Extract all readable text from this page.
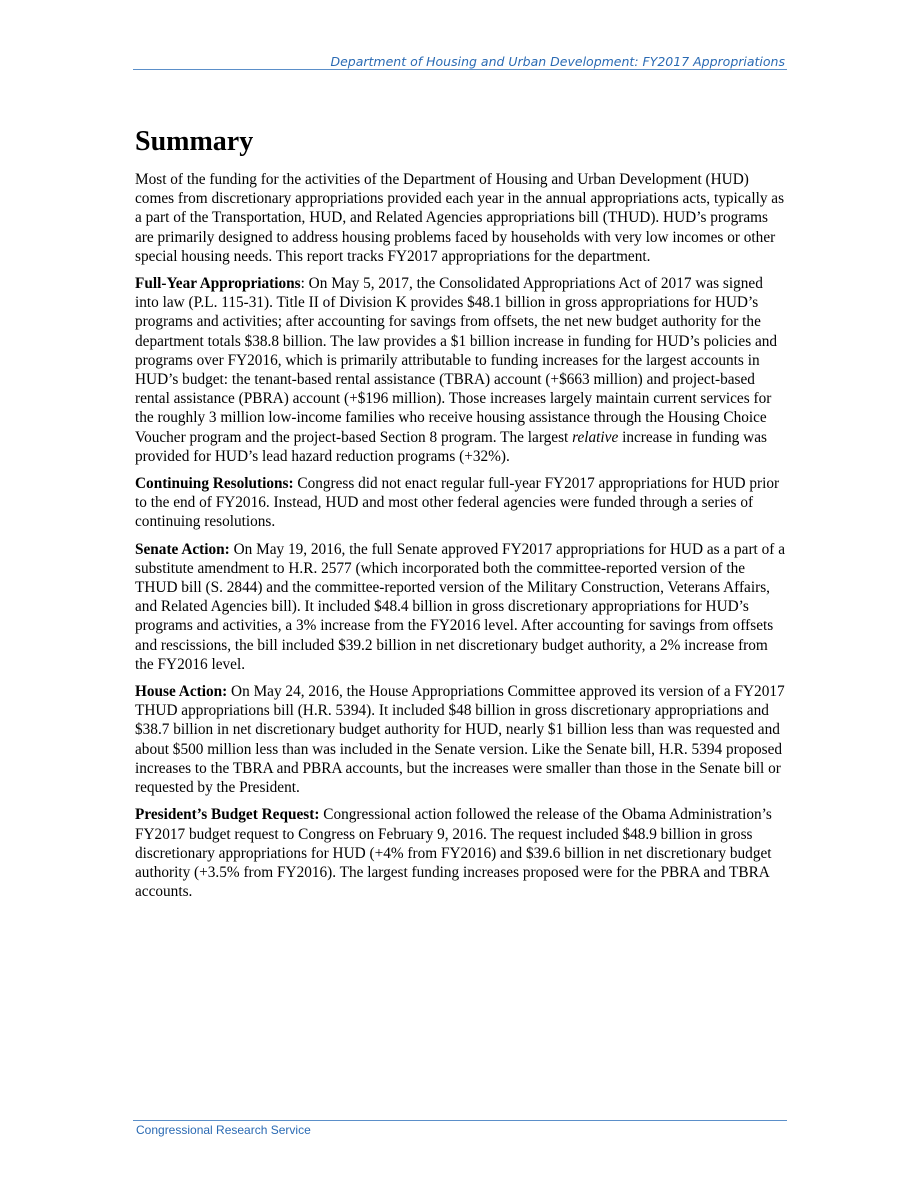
Department of Housing and Urban Development: FY2017 Appropriations
Summary

Most of the funding for the activities of the Department of Housing and Urban Development (HUD) comes from discretionary appropriations provided each year in the annual appropriations acts, typically as a part of the Transportation, HUD, and Related Agencies appropriations bill (THUD). HUD’s programs are primarily designed to address housing problems faced by households with very low incomes or other special housing needs. This report tracks FY2017 appropriations for the department.

Full-Year Appropriations: On May 5, 2017, the Consolidated Appropriations Act of 2017 was signed into law (P.L. 115-31). Title II of Division K provides $48.1 billion in gross appropriations for HUD’s programs and activities; after accounting for savings from offsets, the net new budget authority for the department totals $38.8 billion. The law provides a $1 billion increase in funding for HUD’s policies and programs over FY2016, which is primarily attributable to funding increases for the largest accounts in HUD’s budget: the tenant-based rental assistance (TBRA) account (+$663 million) and project-based rental assistance (PBRA) account (+$196 million). Those increases largely maintain current services for the roughly 3 million low-income families who receive housing assistance through the Housing Choice Voucher program and the project-based Section 8 program. The largest relative increase in funding was provided for HUD’s lead hazard reduction programs (+32%).

Continuing Resolutions: Congress did not enact regular full-year FY2017 appropriations for HUD prior to the end of FY2016. Instead, HUD and most other federal agencies were funded through a series of continuing resolutions.

Senate Action: On May 19, 2016, the full Senate approved FY2017 appropriations for HUD as a part of a substitute amendment to H.R. 2577 (which incorporated both the committee-reported version of the THUD bill (S. 2844) and the committee-reported version of the Military Construction, Veterans Affairs, and Related Agencies bill). It included $48.4 billion in gross discretionary appropriations for HUD’s programs and activities, a 3% increase from the FY2016 level. After accounting for savings from offsets and rescissions, the bill included $39.2 billion in net discretionary budget authority, a 2% increase from the FY2016 level.

House Action: On May 24, 2016, the House Appropriations Committee approved its version of a FY2017 THUD appropriations bill (H.R. 5394). It included $48 billion in gross discretionary appropriations and $38.7 billion in net discretionary budget authority for HUD, nearly $1 billion less than was requested and about $500 million less than was included in the Senate version. Like the Senate bill, H.R. 5394 proposed increases to the TBRA and PBRA accounts, but the increases were smaller than those in the Senate bill or requested by the President.

President’s Budget Request: Congressional action followed the release of the Obama Administration’s FY2017 budget request to Congress on February 9, 2016. The request included $48.9 billion in gross discretionary appropriations for HUD (+4% from FY2016) and $39.6 billion in net discretionary budget authority (+3.5% from FY2016). The largest funding increases proposed were for the PBRA and TBRA accounts.

Congressional Research Service
